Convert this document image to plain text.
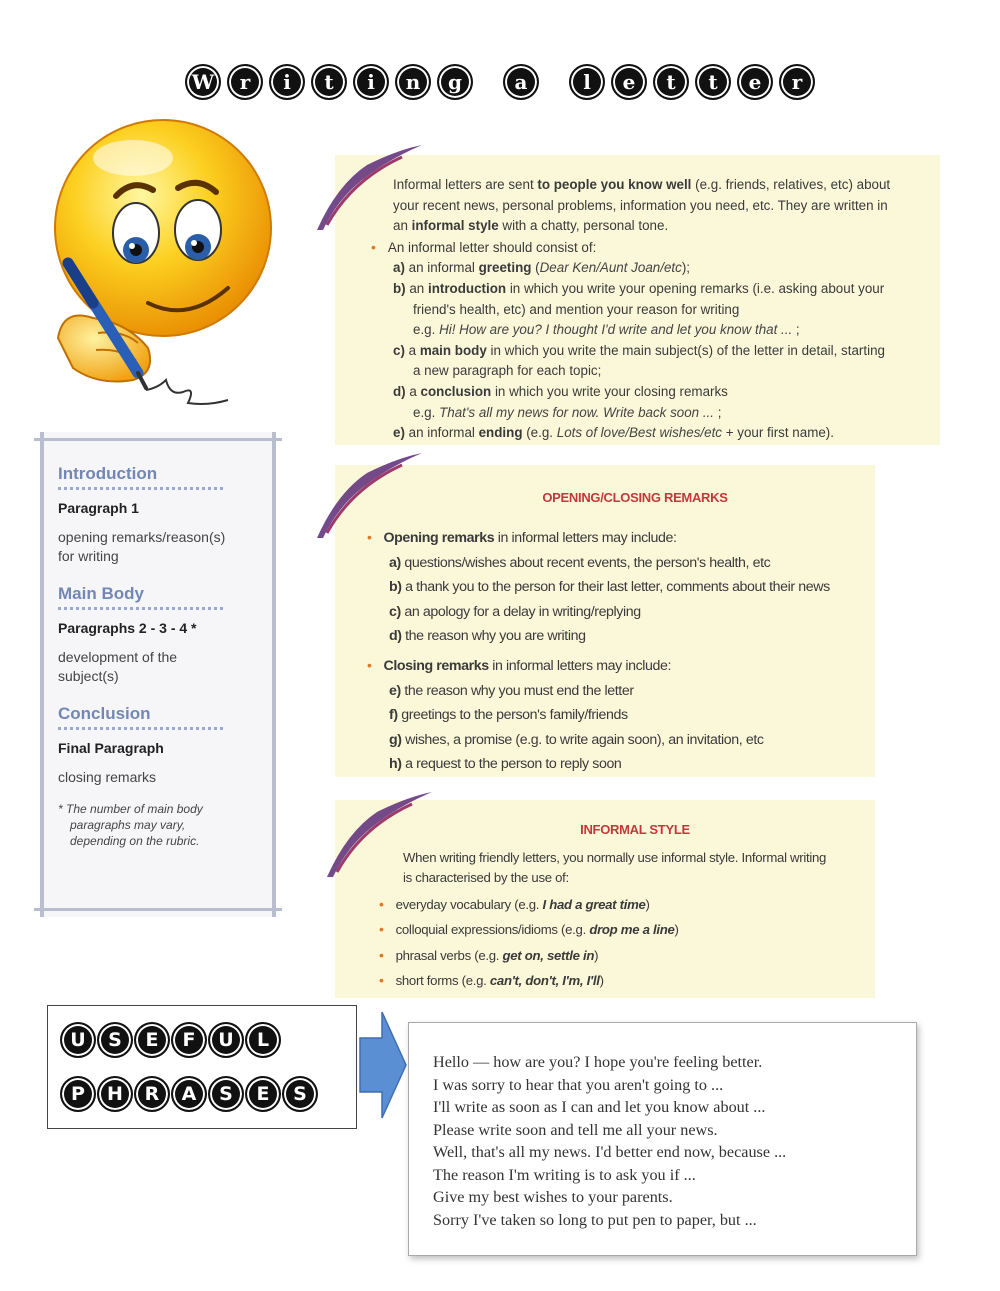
W	r	i	t	i	n	g	a	l	e	t	t	e	r
Informal letters are sent to people you know well (e.g. friends, relatives, etc) about
your recent news, personal problems, information you need, etc. They are written in
an informal style with a chatty, personal tone.
• An informal letter should consist of:
a) an informal greeting (Dear Ken/Aunt Joan/etc);
b) an introduction in which you write your opening remarks (i.e. asking about your
friend's health, etc) and mention your reason for writing
e.g. Hi! How are you? I thought I'd write and let you know that ... ;
c) a main body in which you write the main subject(s) of the letter in detail, starting
a new paragraph for each topic;
d) a conclusion in which you write your closing remarks
e.g. That's all my news for now. Write back soon ... ;
e) an informal ending (e.g. Lots of love/Best wishes/etc + your first name).
Introduction
Paragraph 1
opening remarks/reason(s)
for writing
Main Body
Paragraphs 2 - 3 - 4 *
development of the
subject(s)
Conclusion
Final Paragraph
closing remarks
* The number of main body
paragraphs may vary,
depending on the rubric.
OPENING/CLOSING REMARKS
• Opening remarks in informal letters may include:
a) questions/wishes about recent events, the person's health, etc
b) a thank you to the person for their last letter, comments about their news
c) an apology for a delay in writing/replying
d) the reason why you are writing
• Closing remarks in informal letters may include:
e) the reason why you must end the letter
f) greetings to the person's family/friends
g) wishes, a promise (e.g. to write again soon), an invitation, etc
h) a request to the person to reply soon
INFORMAL STYLE
When writing friendly letters, you normally use informal style. Informal writing
is characterised by the use of:
• everyday vocabulary (e.g. I had a great time)
• colloquial expressions/idioms (e.g. drop me a line)
• phrasal verbs (e.g. get on, settle in)
• short forms (e.g. can't, don't, I'm, I'll)
U	S	E	F	U	L
P	H	R	A	S	E	S
Hello — how are you? I hope you're feeling better.
I was sorry to hear that you aren't going to ...
I'll write as soon as I can and let you know about ...
Please write soon and tell me all your news.
Well, that's all my news. I'd better end now, because ...
The reason I'm writing is to ask you if ...
Give my best wishes to your parents.
Sorry I've taken so long to put pen to paper, but ...
